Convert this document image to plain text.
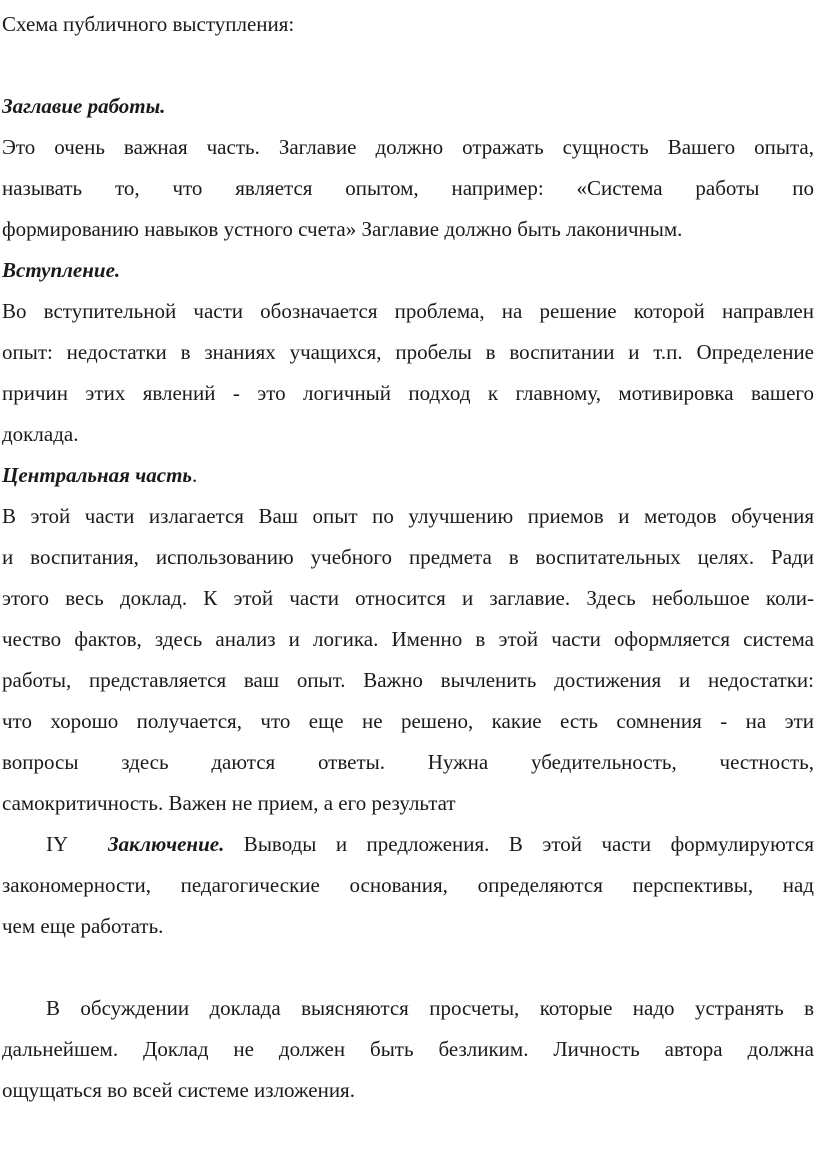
Схема публичного выступления:
Заглавие работы.
Это очень важная часть. Заглавие должно отражать сущность Вашего опыта,
называть то, что является опытом, например: «Система работы по
формированию навыков устного счета» Заглавие должно быть лаконичным.
Вступление.
Во вступительной части обозначается проблема, на решение которой направлен
опыт: недостатки в знаниях учащихся, пробелы в воспитании и т.п. Определение
причин этих явлений - это логичный подход к главному, мотивировка вашего
доклада.
Центральная часть.
В этой части излагается Ваш опыт по улучшению приемов и методов обучения
и воспитания, использованию учебного предмета в воспитательных целях. Ради
этого весь доклад. К этой части относится и заглавие. Здесь небольшое коли-
чество фактов, здесь анализ и логика. Именно в этой части оформляется система
работы, представляется ваш опыт. Важно вычленить достижения и недостатки:
что хорошо получается, что еще не решено, какие есть сомнения - на эти
вопросы здесь даются ответы. Нужна убедительность, честность,
самокритичность. Важен не прием, а его результат
IY Заключение. Выводы и предложения. В этой части формулируются
закономерности, педагогические основания, определяются перспективы, над
чем еще работать.
В обсуждении доклада выясняются просчеты, которые надо устранять в
дальнейшем. Доклад не должен быть безликим. Личность автора должна
ощущаться во всей системе изложения.
